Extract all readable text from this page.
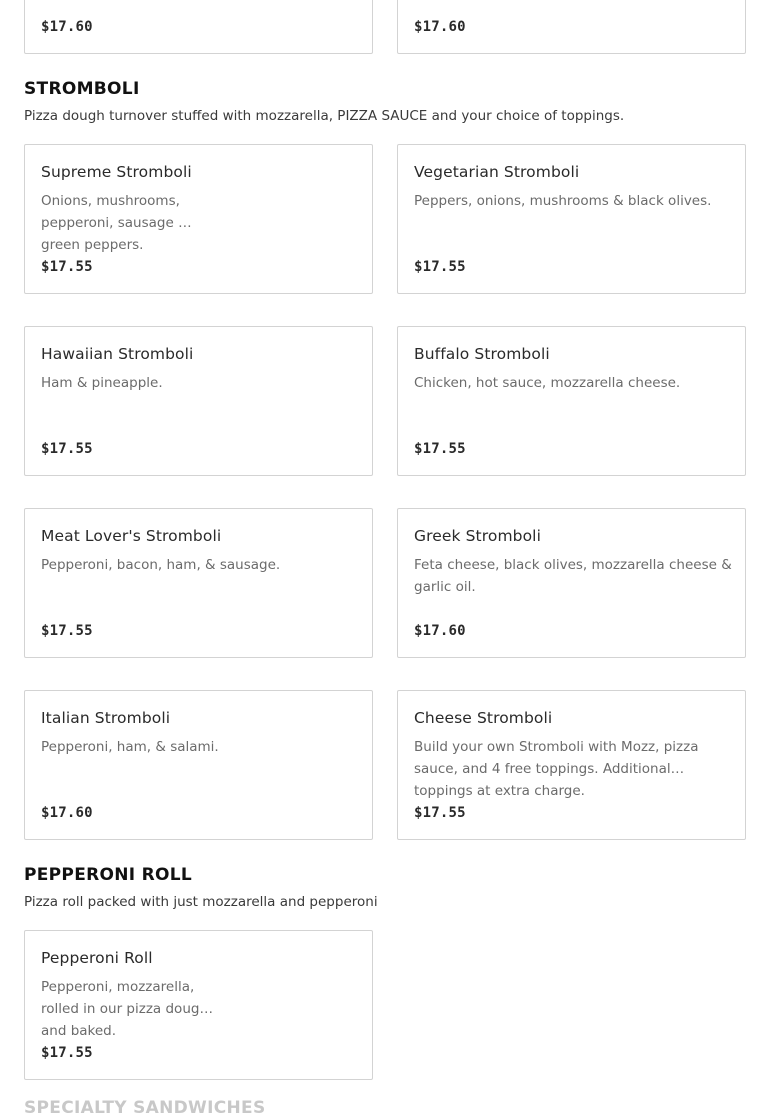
$17.60	$17.60
STROMBOLI
Pizza dough turnover stuffed with mozzarella, PIZZA SAUCE and your choice of toppings.
Supreme Stromboli
Onions, mushrooms, pepperoni, sausage & green peppers.
$17.55
Vegetarian Stromboli
Peppers, onions, mushrooms & black olives.
$17.55
Hawaiian Stromboli
Ham & pineapple.
$17.55
Buffalo Stromboli
Chicken, hot sauce, mozzarella cheese.
$17.55
Meat Lover's Stromboli
Pepperoni, bacon, ham, & sausage.
$17.55
Greek Stromboli
Feta cheese, black olives, mozzarella cheese & garlic oil.
$17.60
Italian Stromboli
Pepperoni, ham, & salami.
$17.60
Cheese Stromboli
Build your own Stromboli with Mozz, pizza sauce, and 4 free toppings. Additional toppings at extra charge.
$17.55
PEPPERONI ROLL
Pizza roll packed with just mozzarella and pepperoni
Pepperoni Roll
Pepperoni, mozzarella, rolled in our pizza dough and baked.
$17.55
SPECIALTY SANDWICHES
